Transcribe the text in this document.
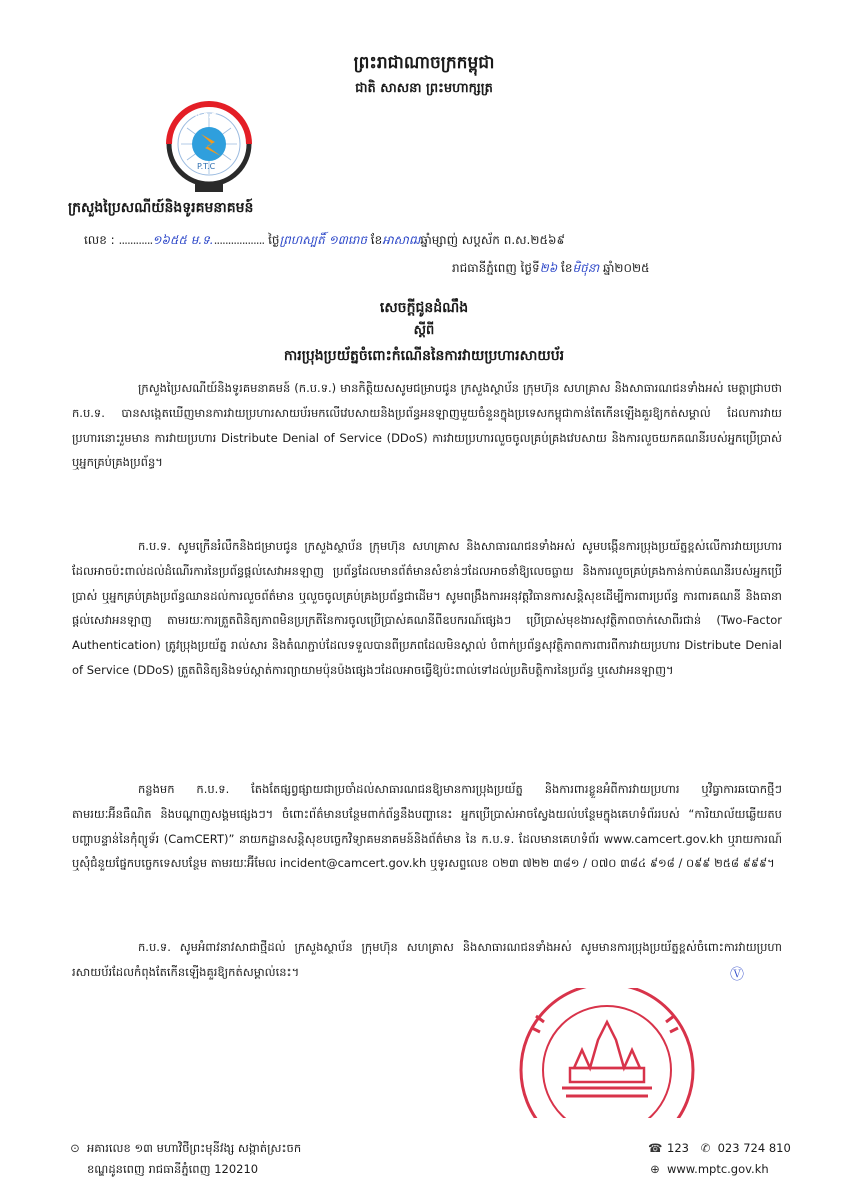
ព្រះរាជាណាចក្រកម្ពុជា
ជាតិ សាសនា ព្រះមហាក្សត្រ
ប.ទ.ក
P.T.C
ក្រសួងប្រៃសណីយ៍និងទូរគមនាគមន៍
លេខ : ............១៦៥៥ ម.ទ................... ថ្ងៃព្រហស្បតិ៍ ១៣រោច ខែអាសាឍឆ្នាំម្សាញ់ សប្តស័ក ព.ស.២៥៦៩
រាជធានីភ្នំពេញ ថ្ងៃទី២៦ ខែមិថុនា ឆ្នាំ២០២៥
សេចក្តីជូនដំណឹង
ស្តីពី
ការប្រុងប្រយ័ត្នចំពោះកំណើននៃការវាយប្រហារសាយប័រ

ក្រសួងប្រៃសណីយ៍និងទូរគមនាគមន៍ (ក.ប.ទ.) មានកិត្តិយសសូមជម្រាបជូន ក្រសួងស្ថាប័ន ក្រុមហ៊ុន សហគ្រាស និងសាធារណជនទាំងអស់ មេត្តាជ្រាបថា ក.ប.ទ. បានសង្កេតឃើញមានការវាយប្រហារសាយប័រមកលើវេបសាយនិងប្រព័ន្ធអនឡាញមួយចំនួនក្នុងប្រទេសកម្ពុជាកាន់តែកើនឡើងគួរឱ្យកត់សម្គាល់ ដែលការវាយប្រហារនោះរួមមាន ការវាយប្រហារ Distribute Denial of Service (DDoS) ការវាយប្រហារលួចចូលគ្រប់គ្រងវេបសាយ និងការលួចយកគណនីរបស់អ្នកប្រើប្រាស់ ឬអ្នកគ្រប់គ្រងប្រព័ន្ធ។

ក.ប.ទ. សូមក្រើនរំលឹកនិងជម្រាបជូន ក្រសួងស្ថាប័ន ក្រុមហ៊ុន សហគ្រាស និងសាធារណជនទាំងអស់ សូមបង្កើនការប្រុងប្រយ័ត្នខ្ពស់លើការវាយប្រហារដែលអាចប៉ះពាល់ដល់ដំណើរការនៃប្រព័ន្ធផ្តល់សេវាអនឡាញ ប្រព័ន្ធដែលមានព័ត៌មានសំខាន់ៗដែលអាចនាំឱ្យលេចធ្លាយ និងការលួចគ្រប់គ្រងកាន់កាប់គណនីរបស់អ្នកប្រើប្រាស់ ឬអ្នកគ្រប់គ្រងប្រព័ន្ធឈានដល់ការលួចព័ត៌មាន ឬលួចចូលគ្រប់គ្រងប្រព័ន្ធជាដើម។ សូមពង្រឹងការអនុវត្តវិធានការសន្តិសុខដើម្បីការពារប្រព័ន្ធ ការពារគណនី និងធានាផ្តល់សេវាអនឡាញ តាមរយៈការត្រួតពិនិត្យភាពមិនប្រក្រតីនៃការចូលប្រើប្រាស់គណនីពីឧបករណ៍ផ្សេងៗ ប្រើប្រាស់មុខងារសុវត្ថិភាពចាក់សោពីរជាន់ (Two-Factor Authentication) ត្រូវប្រុងប្រយ័ត្ន រាល់សារ និងតំណភ្ជាប់ដែលទទួលបានពីប្រភពដែលមិនស្គាល់ បំពាក់ប្រព័ន្ធសុវត្ថិភាពការពារពីការវាយប្រហារ Distribute Denial of Service (DDoS) ត្រួតពិនិត្យនិងទប់ស្កាត់ការព្យាយាមប៉ុនប៉ងផ្សេងៗដែលអាចធ្វើឱ្យប៉ះពាល់ទៅដល់ប្រតិបត្តិការនៃប្រព័ន្ធ ឬសេវាអនឡាញ។

កន្លងមក ក.ប.ទ. តែងតែផ្សព្វផ្សាយជាប្រចាំដល់សាធារណជនឱ្យមានការប្រុងប្រយ័ត្ន និងការពារខ្លួនអំពីការវាយប្រហារ ឬវិធ្វាការឆបោកថ្មីៗតាមរយៈអ៊ីនធឺណិត និងបណ្តាញសង្គមផ្សេងៗ។ ចំពោះព័ត៌មានបន្ថែមពាក់ព័ន្ធនឹងបញ្ហានេះ អ្នកប្រើប្រាស់អាចស្វែងយល់បន្ថែមក្នុងគេហទំព័ររបស់ “ការិយាល័យឆ្លើយតបបញ្ហាបន្ទាន់នៃកុំព្យូទ័រ (CamCERT)” នាយកដ្ឋានសន្តិសុខបច្ចេកវិទ្យាគមនាគមន៍និងព័ត៌មាន នៃ ក.ប.ទ. ដែលមានគេហទំព័រ www.camcert.gov.kh ឬរាយការណ៍ ឬសុំជំនួយផ្នែកបច្ចេកទេសបន្ថែម តាមរយៈអ៊ីមែល incident@camcert.gov.kh ឬទូរសព្ទលេខ ០២៣ ៧២២ ៣៨១ / ០៧០ ៣៨៤ ៩១៨ / ០៩៩ ២៥៨ ៩៩៩។

ក.ប.ទ. សូមអំពាវនាវសាជាថ្មីដល់ ក្រសួងស្ថាប័ន ក្រុមហ៊ុន សហគ្រាស និងសាធារណជនទាំងអស់ សូមមានការប្រុងប្រយ័ត្នខ្ពស់ចំពោះការវាយប្រហារសាយប័រដែលកំពុងតែកើនឡើងគួរឱ្យកត់សម្គាល់នេះ។	Ⓥ
⊙ អគារលេខ ១៣ មហាវិថីព្រះមុនីវង្ស សង្កាត់ស្រះចក
ខណ្ឌដូនពេញ រាជធានីភ្នំពេញ 120210
☎ 123 ✆ 023 724 810
⊕ www.mptc.gov.kh
